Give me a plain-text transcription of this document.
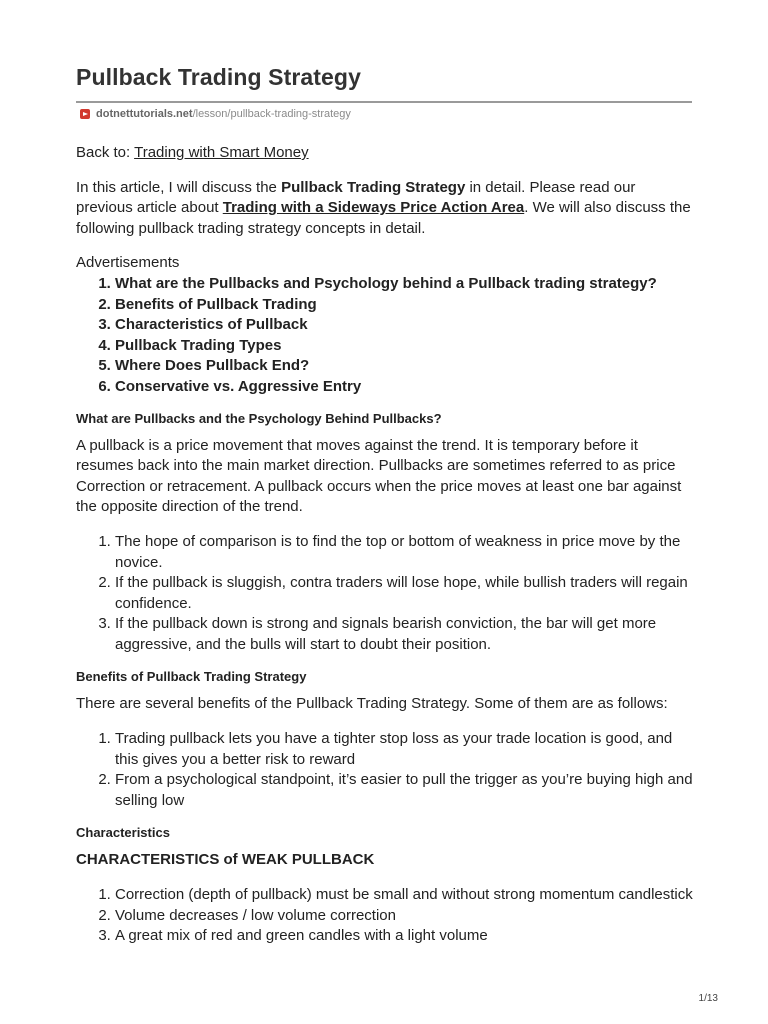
Pullback Trading Strategy
dotnettutorials.net /lesson/pullback-trading-strategy

Back to: Trading with Smart Money

In this article, I will discuss the Pullback Trading Strategy in detail. Please read our previous article about Trading with a Sideways Price Action Area. We will also discuss the following pullback trading strategy concepts in detail.

Advertisements

1. What are the Pullbacks and Psychology behind a Pullback trading strategy?
2. Benefits of Pullback Trading
3. Characteristics of Pullback
4. Pullback Trading Types
5. Where Does Pullback End?
6. Conservative vs. Aggressive Entry

What are Pullbacks and the Psychology Behind Pullbacks?

A pullback is a price movement that moves against the trend. It is temporary before it resumes back into the main market direction. Pullbacks are sometimes referred to as price Correction or retracement. A pullback occurs when the price moves at least one bar against the opposite direction of the trend.

1. The hope of comparison is to find the top or bottom of weakness in price move by the novice.
2. If the pullback is sluggish, contra traders will lose hope, while bullish traders will regain confidence.
3. If the pullback down is strong and signals bearish conviction, the bar will get more aggressive, and the bulls will start to doubt their position.

Benefits of Pullback Trading Strategy

There are several benefits of the Pullback Trading Strategy. Some of them are as follows:

1. Trading pullback lets you have a tighter stop loss as your trade location is good, and this gives you a better risk to reward
2. From a psychological standpoint, it’s easier to pull the trigger as you’re buying high and selling low

Characteristics

CHARACTERISTICS of WEAK PULLBACK

1. Correction (depth of pullback) must be small and without strong momentum candlestick
2. Volume decreases / low volume correction
3. A great mix of red and green candles with a light volume
1/13
